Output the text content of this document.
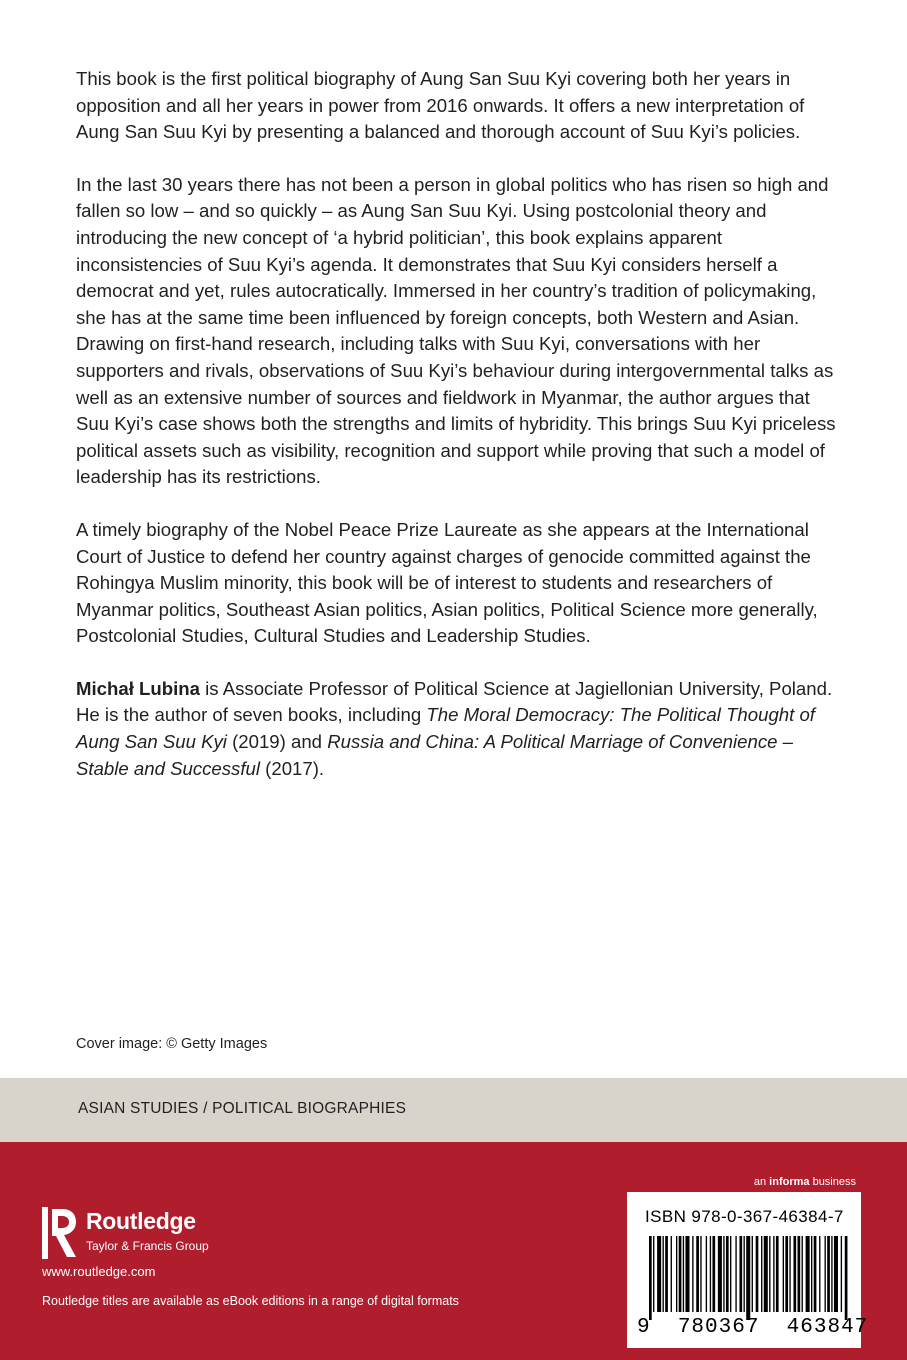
This book is the first political biography of Aung San Suu Kyi covering both her years in opposition and all her years in power from 2016 onwards. It offers a new interpretation of Aung San Suu Kyi by presenting a balanced and thorough account of Suu Kyi’s policies.

In the last 30 years there has not been a person in global politics who has risen so high and fallen so low – and so quickly – as Aung San Suu Kyi. Using postcolonial theory and introducing the new concept of ‘a hybrid politician’, this book explains apparent inconsistencies of Suu Kyi’s agenda. It demonstrates that Suu Kyi considers herself a democrat and yet, rules autocratically. Immersed in her country’s tradition of policymaking, she has at the same time been influenced by foreign concepts, both Western and Asian. Drawing on first-hand research, including talks with Suu Kyi, conversations with her supporters and rivals, observations of Suu Kyi’s behaviour during intergovernmental talks as well as an extensive number of sources and fieldwork in Myanmar, the author argues that Suu Kyi’s case shows both the strengths and limits of hybridity. This brings Suu Kyi priceless political assets such as visibility, recognition and support while proving that such a model of leadership has its restrictions.

A timely biography of the Nobel Peace Prize Laureate as she appears at the International Court of Justice to defend her country against charges of genocide committed against the Rohingya Muslim minority, this book will be of interest to students and researchers of Myanmar politics, Southeast Asian politics, Asian politics, Political Science more generally, Postcolonial Studies, Cultural Studies and Leadership Studies.

Michał Lubina is Associate Professor of Political Science at Jagiellonian University, Poland. He is the author of seven books, including The Moral Democracy: The Political Thought of Aung San Suu Kyi (2019) and Russia and China: A Political Marriage of Convenience – Stable and Successful (2017).

Cover image: © Getty Images
ASIAN STUDIES / POLITICAL BIOGRAPHIES
Routledge
Taylor & Francis Group
www.routledge.com
Routledge titles are available as eBook editions in a range of digital formats
an informa business
ISBN 978-0-367-46384-7
9 780367 463847
